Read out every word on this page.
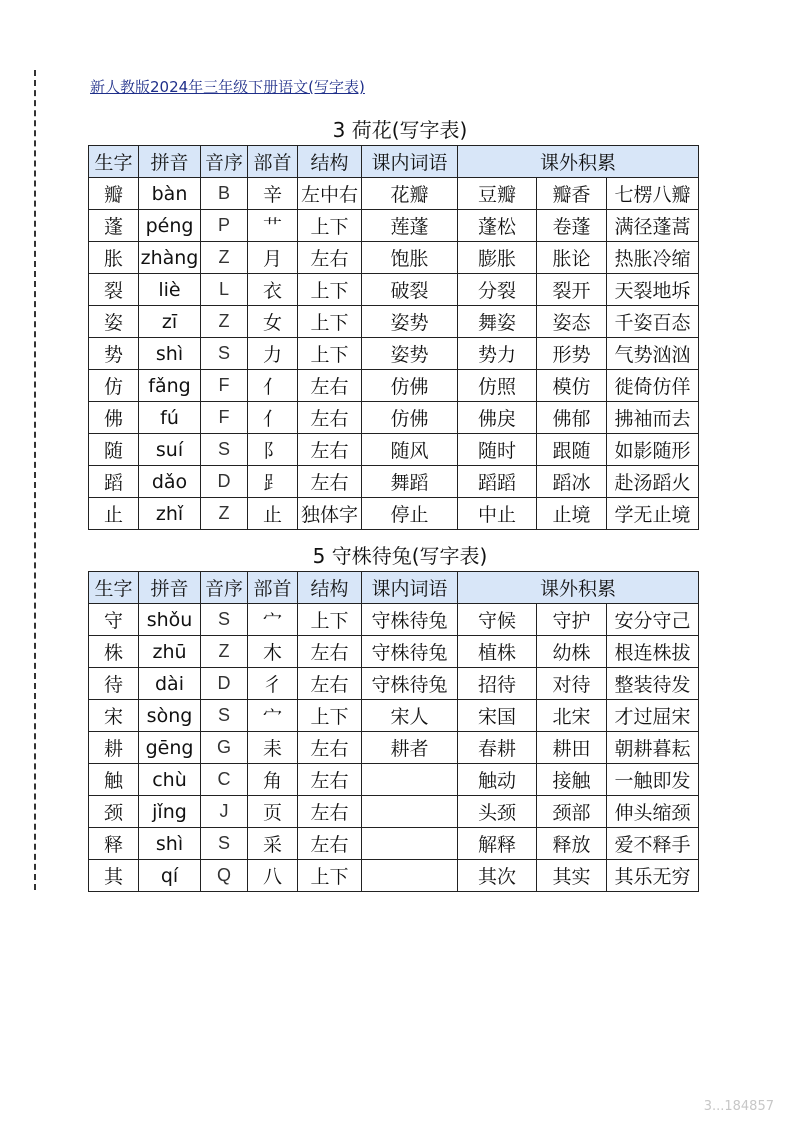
新人教版2024年三年级下册语文(写字表)
3 荷花(写字表)
生字	拼音	音序	部首	结构	课内词语	课外积累		
瓣	bàn	B	辛	左中右	花瓣	豆瓣	瓣香	七楞八瓣
蓬	péng	P	艹	上下	莲蓬	蓬松	卷蓬	满径蓬蒿
胀	zhàng	Z	月	左右	饱胀	膨胀	胀论	热胀冷缩
裂	liè	L	衣	上下	破裂	分裂	裂开	天裂地坼
姿	zī	Z	女	上下	姿势	舞姿	姿态	千姿百态
势	shì	S	力	上下	姿势	势力	形势	气势汹汹
仿	fǎng	F	亻	左右	仿佛	仿照	模仿	徙倚仿佯
佛	fú	F	亻	左右	仿佛	佛戾	佛郁	拂袖而去
随	suí	S	阝	左右	随风	随时	跟随	如影随形
蹈	dǎo	D	⻊	左右	舞蹈	蹈蹈	蹈冰	赴汤蹈火
止	zhǐ	Z	止	独体字	停止	中止	止境	学无止境
5 守株待兔(写字表)
生字	拼音	音序	部首	结构	课内词语	课外积累		
守	shǒu	S	宀	上下	守株待兔	守候	守护	安分守己
株	zhū	Z	木	左右	守株待兔	植株	幼株	根连株拔
待	dài	D	彳	左右	守株待兔	招待	对待	整装待发
宋	sòng	S	宀	上下	宋人	宋国	北宋	才过屈宋
耕	gēng	G	耒	左右	耕者	春耕	耕田	朝耕暮耘
触	chù	C	角	左右		触动	接触	一触即发
颈	jǐng	J	页	左右		头颈	颈部	伸头缩颈
释	shì	S	采	左右		解释	释放	爱不释手
其	qí	Q	八	上下		其次	其实	其乐无穷
3...184857
